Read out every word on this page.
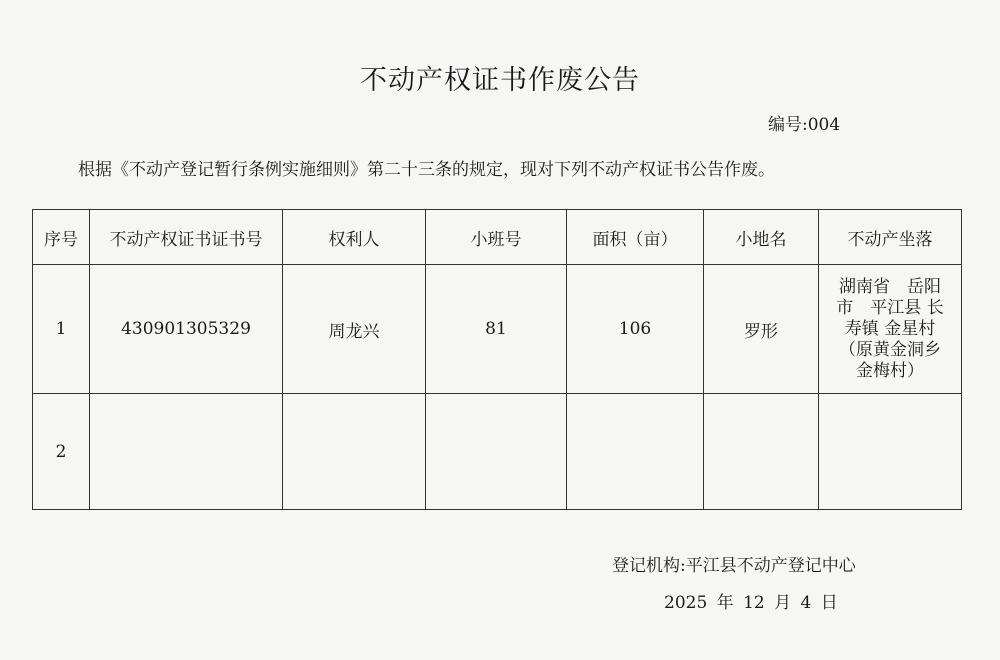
不动产权证书作废公告
编号:004
根据《不动产登记暂行条例实施细则》第二十三条的规定，现对下列不动产权证书公告作废。
序号	不动产权证书证书号	权利人	小班号	面积（亩）	小地名	不动产坐落
1	430901305329	周龙兴	81	106	罗形	湖南省　岳阳
市　平江县 长
寿镇 金星村
（原黄金洞乡
金梅村）

2						
登记机构:平江县不动产登记中心
2025 年 12 月 4 日
